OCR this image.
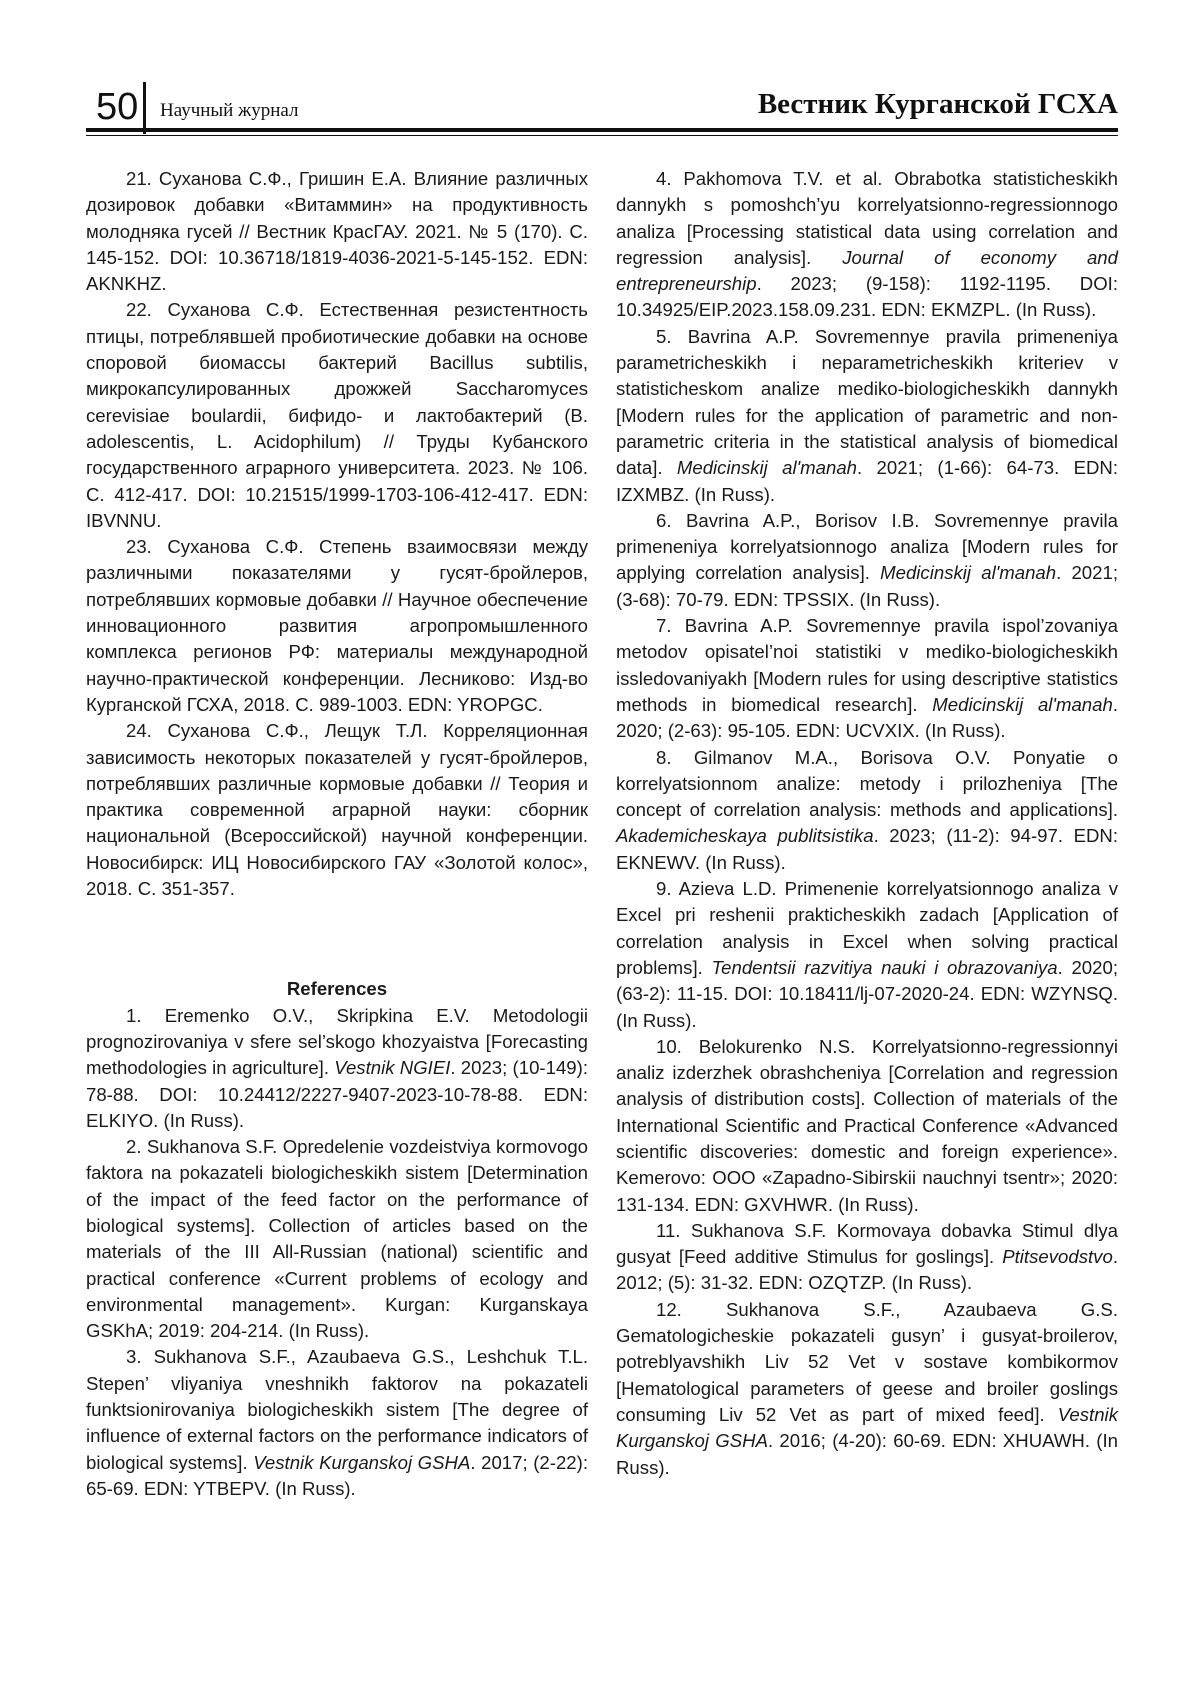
50 Научный журнал	Вестник Курганской ГСХА

21. Суханова С.Ф., Гришин Е.А. Влияние различных дозировок добавки «Витаммин» на продуктивность молодняка гусей // Вестник КрасГАУ. 2021. № 5 (170). С. 145-152. DOI: 10.36718/1819-4036-2021-5-145-152. EDN: AKNKHZ.

22. Суханова С.Ф. Естественная резистентность птицы, потреблявшей пробиотические добавки на основе споровой биомассы бактерий Bacillus subtilis, микрокапсулированных дрожжей Saccharomyces cerevisiae boulardii, бифидо- и лактобактерий (B. adolescentis, L. Acidophilum) // Труды Кубанского государственного аграрного университета. 2023. № 106. С. 412-417. DOI: 10.21515/1999-1703-106-412-417. EDN: IBVNNU.

23. Суханова С.Ф. Степень взаимосвязи между различными показателями у гусят-бройлеров, потреблявших кормовые добавки // Научное обеспечение инновационного развития агропромышленного комплекса регионов РФ: материалы международной научно-практической конференции. Лесниково: Изд-во Курганской ГСХА, 2018. С. 989-1003. EDN: YROPGC.

24. Суханова С.Ф., Лещук Т.Л. Корреляционная зависимость некоторых показателей у гусят-бройлеров, потреблявших различные кормовые добавки // Теория и практика современной аграрной науки: сборник национальной (Всероссийской) научной конференции. Новосибирск: ИЦ Новосибирского ГАУ «Золотой колос», 2018. С. 351-357.

References

1. Eremenko O.V., Skripkina E.V. Metodologii prognozirovaniya v sfere sel’skogo khozyaistva [Forecasting methodologies in agriculture]. Vestnik NGIEI. 2023; (10-149): 78-88. DOI: 10.24412/2227-9407-2023-10-78-88. EDN: ELKIYO. (In Russ).

2. Sukhanova S.F. Opredelenie vozdeistviya kormovogo faktora na pokazateli biologicheskikh sistem [Determination of the impact of the feed factor on the performance of biological systems]. Collection of articles based on the materials of the III All-Russian (national) scientific and practical conference «Current problems of ecology and environmental management». Kurgan: Kurganskaya GSKhA; 2019: 204-214. (In Russ).

3. Sukhanova S.F., Azaubaeva G.S., Leshchuk T.L. Stepen’ vliyaniya vneshnikh faktorov na pokazateli funktsionirovaniya biologicheskikh sistem [The degree of influence of external factors on the performance indicators of biological systems]. Vestnik Kurganskoj GSHA. 2017; (2-22): 65-69. EDN: YTBEPV. (In Russ).

4. Pakhomova T.V. et al. Obrabotka statisticheskikh dannykh s pomoshch’yu korrelyatsionno-regressionnogo analiza [Processing statistical data using correlation and regression analysis]. Journal of economy and entrepreneurship. 2023; (9-158): 1192-1195. DOI: 10.34925/EIP.2023.158.09.231. EDN: EKMZPL. (In Russ).

5. Bavrina A.P. Sovremennye pravila primeneniya parametricheskikh i neparametricheskikh kriteriev v statisticheskom analize mediko-biologicheskikh dannykh [Modern rules for the application of parametric and non-parametric criteria in the statistical analysis of biomedical data]. Medicinskij al'manah. 2021; (1-66): 64-73. EDN: IZXMBZ. (In Russ).

6. Bavrina A.P., Borisov I.B. Sovremennye pravila primeneniya korrelyatsionnogo analiza [Modern rules for applying correlation analysis]. Medicinskij al'manah. 2021; (3-68): 70-79. EDN: TPSSIX. (In Russ).

7. Bavrina A.P. Sovremennye pravila ispol’zovaniya metodov opisatel’noi statistiki v mediko-biologicheskikh issledovaniyakh [Modern rules for using descriptive statistics methods in biomedical research]. Medicinskij al'manah. 2020; (2-63): 95-105. EDN: UCVXIX. (In Russ).

8. Gilmanov M.A., Borisova O.V. Ponyatie o korrelyatsionnom analize: metody i prilozheniya [The concept of correlation analysis: methods and applications]. Akademicheskaya publitsistika. 2023; (11-2): 94-97. EDN: EKNEWV. (In Russ).

9. Azieva L.D. Primenenie korrelyatsionnogo analiza v Excel pri reshenii prakticheskikh zadach [Application of correlation analysis in Excel when solving practical problems]. Tendentsii razvitiya nauki i obrazovaniya. 2020; (63-2): 11-15. DOI: 10.18411/lj-07-2020-24. EDN: WZYNSQ. (In Russ).

10. Belokurenko N.S. Korrelyatsionno-regressionnyi analiz izderzhek obrashcheniya [Correlation and regression analysis of distribution costs]. Collection of materials of the International Scientific and Practical Conference «Advanced scientific discoveries: domestic and foreign experience». Kemerovo: OOO «Zapadno-Sibirskii nauchnyi tsentr»; 2020: 131-134. EDN: GXVHWR. (In Russ).

11. Sukhanova S.F. Kormovaya dobavka Stimul dlya gusyat [Feed additive Stimulus for goslings]. Ptitsevodstvo. 2012; (5): 31-32. EDN: OZQTZP. (In Russ).

12. Sukhanova S.F., Azaubaeva G.S. Gematologicheskie pokazateli gusyn’ i gusyat-broilerov, potreblyavshikh Liv 52 Vet v sostave kombikormov [Hematological parameters of geese and broiler goslings consuming Liv 52 Vet as part of mixed feed]. Vestnik Kurganskoj GSHA. 2016; (4-20): 60-69. EDN: XHUAWH. (In Russ).
